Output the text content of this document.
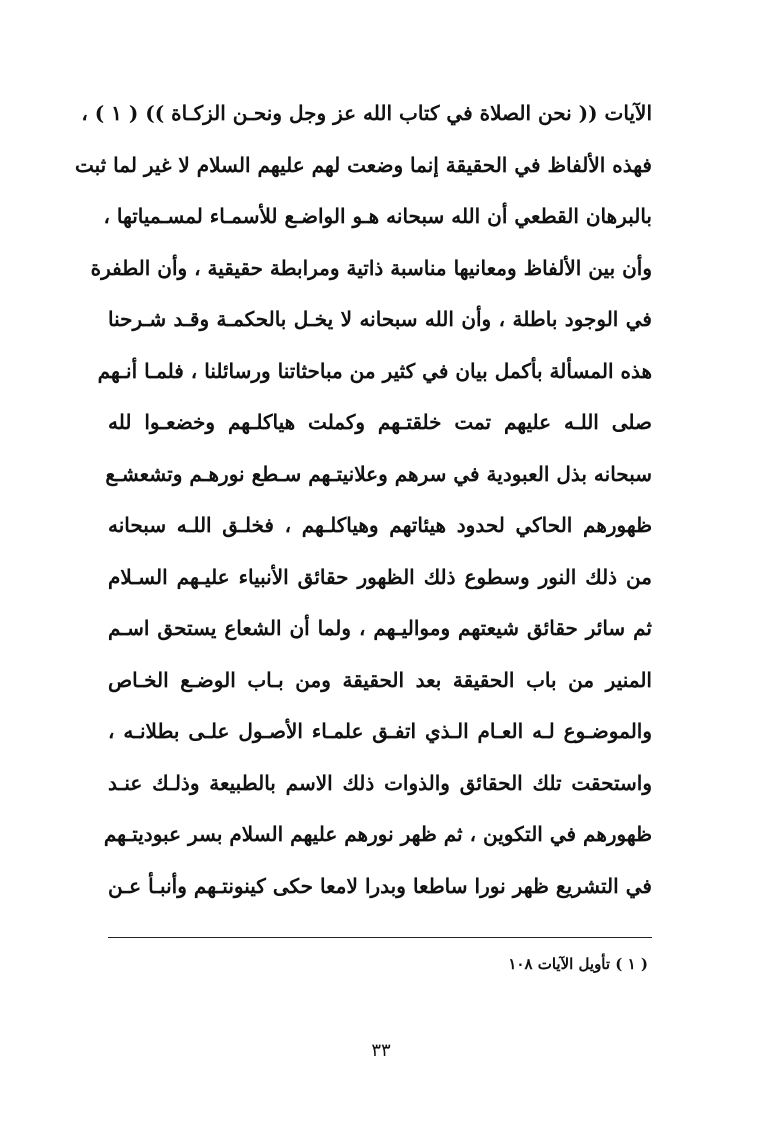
الآيات (( نحن الصلاة في كتاب الله عز وجل ونحـن الزكـاة )) ( ١ ) ،
فهذه الألفاظ في الحقيقة إنما وضعت لهم عليهم السلام لا غير لما ثبت
بالبرهان القطعي أن الله سبحانه هـو الواضـع للأسمـاء لمسـمياتها ،
وأن بين الألفاظ ومعانيها مناسبة ذاتية ومرابطة حقيقية ، وأن الطفرة
في الوجود باطلة ، وأن الله سبحانه لا يخـل بالحكمـة وقـد شـرحنا
هذه المسألة بأكمل بيان في كثير من مباحثاتنا ورسائلنا ، فلمـا أنـهم
صلى اللـه عليهم تمت خلقتـهم وكملت هياكلـهم وخضعـوا لله
سبحانه بذل العبودية في سرهم وعلانيتـهم سـطع نورهـم وتشعشـع
ظهورهم الحاكي لحدود هيئاتهم وهياكلـهم ، فخلـق اللـه سبحانه
من ذلك النور وسطوع ذلك الظهور حقائق الأنبياء عليـهم السـلام
ثم سائر حقائق شيعتهم ومواليـهم ، ولما أن الشعاع يستحق اسـم
المنير من باب الحقيقة بعد الحقيقة ومن بـاب الوضـع الخـاص
والموضـوع لـه العـام الـذي اتفـق علمـاء الأصـول علـى بطلانـه ،
واستحقت تلك الحقائق والذوات ذلك الاسم بالطبيعة وذلـك عنـد
ظهورهم في التكوين ، ثم ظهر نورهم عليهم السلام بسر عبوديتـهم
في التشريع ظهر نورا ساطعا وبدرا لامعا حكى كينونتـهم وأنبـأ عـن
( ١ ) تأويل الآيات ١٠٨
٣٣
